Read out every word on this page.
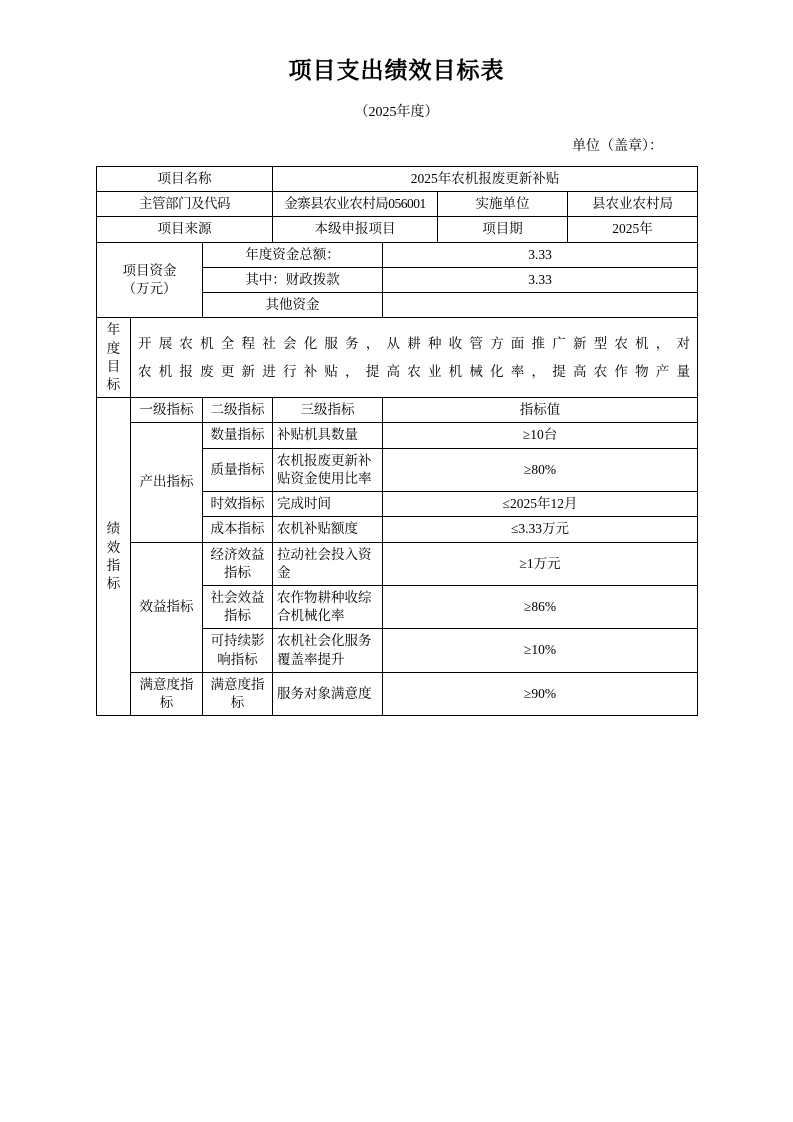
项目支出绩效目标表
（2025年度）
单位（盖章）：
项目名称			2025年农机报废更新补贴			
主管部门及代码			金寨县农业农村局056001		实施单位	县农业农村局
项目来源			本级申报项目		项目期	2025年

项目资金
（万元）		年度资金总额：		3.33		
		其中：财政拨款		3.33		
		其他资金				

年度
目标

开展农机全程社会化服务，从耕种收管方面推广新型农机，对
农机报废更新进行补贴，提高农业机械化率，提高农作物产量

绩
效
指
标	一级指标	二级指标	三级指标	指标值		
	产出指标	数量指标	补贴机具数量	≥10台		
		质量指标	农机报废更新补贴资金使用比率	≥80%		
		时效指标	完成时间	≤2025年12月		
		成本指标	农机补贴额度	≤3.33万元		
	效益指标	经济效益指标	拉动社会投入资金	≥1万元		
		社会效益指标	农作物耕种收综合机械化率	≥86%		
		可持续影响指标	农机社会化服务覆盖率提升	≥10%		
	满意度指标	满意度指标	服务对象满意度	≥90%		
